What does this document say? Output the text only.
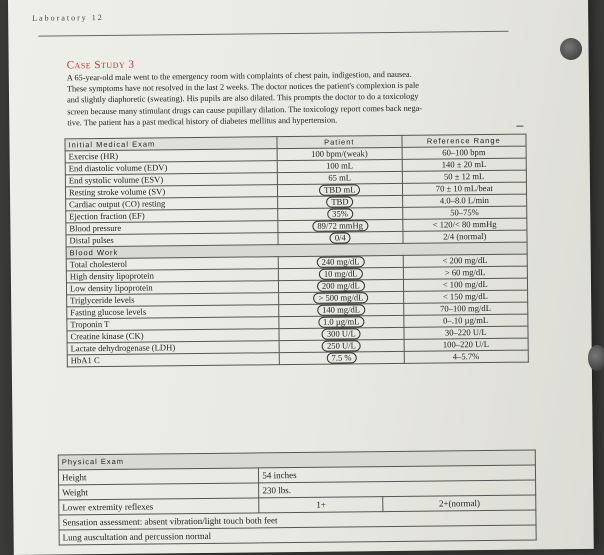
Laboratory 12
Case Study 3
A 65-year-old male went to the emergency room with complaints of chest pain, indigestion, and nausea.
These symptoms have not resolved in the last 2 weeks. The doctor notices the patient's complexion is pale
and slightly diaphoretic (sweating). His pupils are also dilated. This prompts the doctor to do a toxicology
screen because many stimulant drugs can cause pupillary dilation. The toxicology report comes back nega-
tive. The patient has a past medical history of diabetes mellitus and hypertension.
Initial Medical Exam	Patient	Reference Range
Exercise (HR)	100 bpm/(weak)	60–100 bpm
End diastolic volume (EDV)	100 mL	140 ± 20 mL
End systolic volume (ESV)	65 mL	50 ± 12 mL
Resting stroke volume (SV)	TBD mL	70 ± 10 mL/beat
Cardiac output (CO) resting	TBD	4.0–8.0 L/min
Ejection fraction (EF)	35%	50–75%
Blood pressure	89/72 mmHg	< 120/< 80 mmHg
Distal pulses	0/4	2/4 (normal)
Blood Work		
Total cholesterol	240 mg/dL	< 200 mg/dL
High density lipoprotein	10 mg/dL	> 60 mg/dL
Low density lipoprotein	200 mg/dL	< 100 mg/dL
Triglyceride levels	> 500 mg/dL	< 150 mg/dL
Fasting glucose levels	140 mg/dL	70–100 mg/dL
Troponin T	1.0 µg/mL	0–.10 µg/mL
Creatine kinase (CK)	300 U/L	30–220 U/L
Lactate dehydrogenase (LDH)	250 U/L	100–220 U/L
HbA1 C	7.5 %	4–5.7%
Physical Exam		
Height	54 inches	
Weight	230 lbs.	
Lower extremity reflexes	1+	2+(normal)
Sensation assessment: absent vibration/light touch both feet		
Lung auscultation and percussion normal		
